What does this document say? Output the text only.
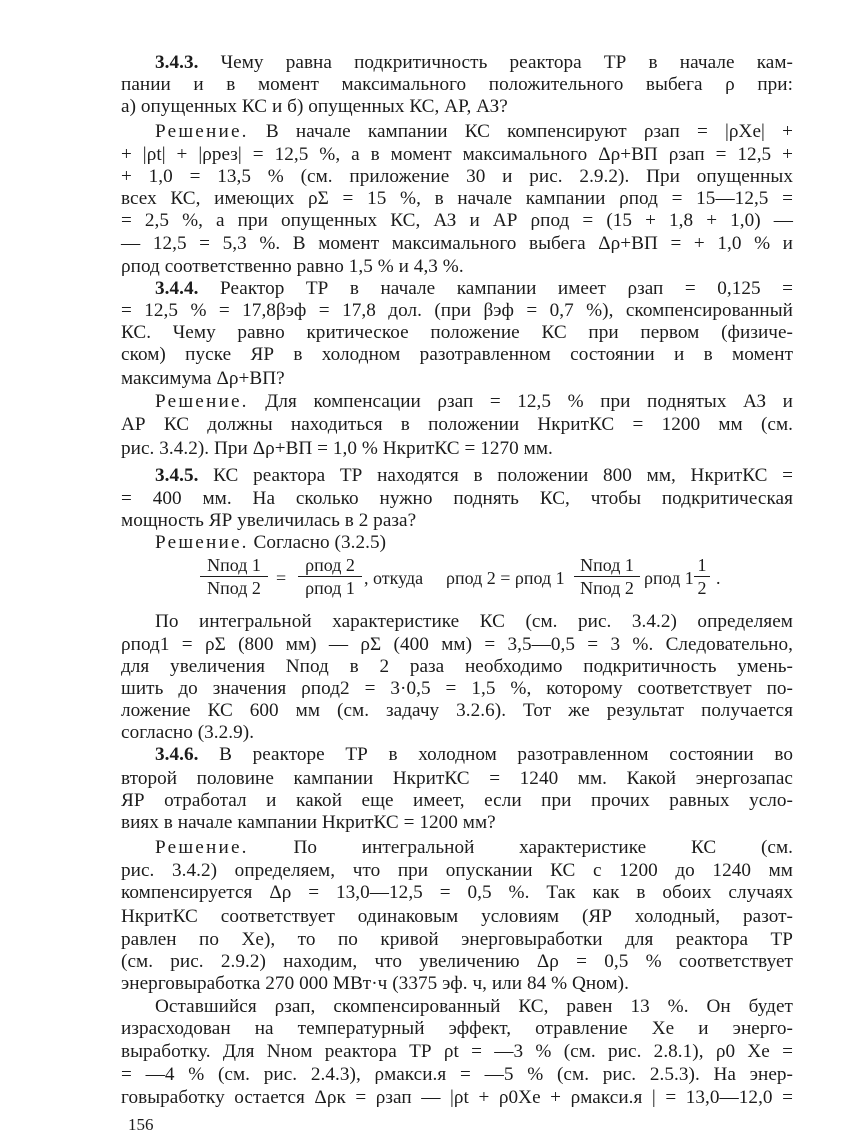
3.4.3. Чему равна подкритичность реактора ТР в начале кам-
пании и в момент максимального положительного выбега ρ при:
а) опущенных КС и б) опущенных КС, АР, АЗ?
Решение. В начале кампании КС компенсируют ρзап = |ρXe| +
+ |ρt| + |ρрез| = 12,5 %, а в момент максимального Δρ+ВП ρзап = 12,5 +
+ 1,0 = 13,5 % (см. приложение 30 и рис. 2.9.2). При опущенных
всех КС, имеющих ρΣ = 15 %, в начале кампании ρпод = 15—12,5 =
= 2,5 %, а при опущенных КС, АЗ и АР ρпод = (15 + 1,8 + 1,0) —
— 12,5 = 5,3 %. В момент максимального выбега Δρ+ВП = + 1,0 % и
ρпод соответственно равно 1,5 % и 4,3 %.
3.4.4. Реактор ТР в начале кампании имеет ρзап = 0,125 =
= 12,5 % = 17,8βэф = 17,8 дол. (при βэф = 0,7 %), скомпенсированный
КС. Чему равно критическое положение КС при первом (физиче-
ском) пуске ЯР в холодном разотравленном состоянии и в момент
максимума Δρ+ВП?
Решение. Для компенсации ρзап = 12,5 % при поднятых АЗ и
АР КС должны находиться в положении HкритКС = 1200 мм (см.
рис. 3.4.2). При Δρ+ВП = 1,0 % HкритКС = 1270 мм.
3.4.5. КС реактора ТР находятся в положении 800 мм, HкритКС =
= 400 мм. На сколько нужно поднять КС, чтобы подкритическая
мощность ЯР увеличилась в 2 раза?
Решение. Согласно (3.2.5)
По интегральной характеристике КС (см. рис. 3.4.2) определяем
ρпод1 = ρΣ (800 мм) — ρΣ (400 мм) = 3,5—0,5 = 3 %. Следовательно,
для увеличения Nпод в 2 раза необходимо подкритичность умень-
шить до значения ρпод2 = 3·0,5 = 1,5 %, которому соответствует по-
ложение КС 600 мм (см. задачу 3.2.6). Тот же результат получается
согласно (3.2.9).
3.4.6. В реакторе ТР в холодном разотравленном состоянии во
второй половине кампании HкритКС = 1240 мм. Какой энергозапас
ЯР отработал и какой еще имеет, если при прочих равных усло-
виях в начале кампании HкритКС = 1200 мм?
Решение. По интегральной характеристике КС (см.
рис. 3.4.2) определяем, что при опускании КС с 1200 до 1240 мм
компенсируется Δρ = 13,0—12,5 = 0,5 %. Так как в обоих случаях
HкритКС соответствует одинаковым условиям (ЯР холодный, разот-
равлен по Xe), то по кривой энерговыработки для реактора ТР
(см. рис. 2.9.2) находим, что увеличению Δρ = 0,5 % соответствует
энерговыработка 270 000 МВт·ч (3375 эф. ч, или 84 % Qном).
Оставшийся ρзап, скомпенсированный КС, равен 13 %. Он будет
израсходован на температурный эффект, отравление Xe и энерго-
выработку. Для Nном реактора ТР ρt = —3 % (см. рис. 2.8.1), ρ0 Xe =
= —4 % (см. рис. 2.4.3), ρмакси.я = —5 % (см. рис. 2.5.3). На энер-
говыработку остается Δρк = ρзап — |ρt + ρ0Xe + ρмакси.я | = 13,0—12,0 =
Nпод 1
Nпод 2 =
ρпод 2
ρпод 1 , откуда ρпод 2 = ρпод 1
Nпод 1
Nпод 2 ρпод $1 \frac{1}{2}$ .
156
